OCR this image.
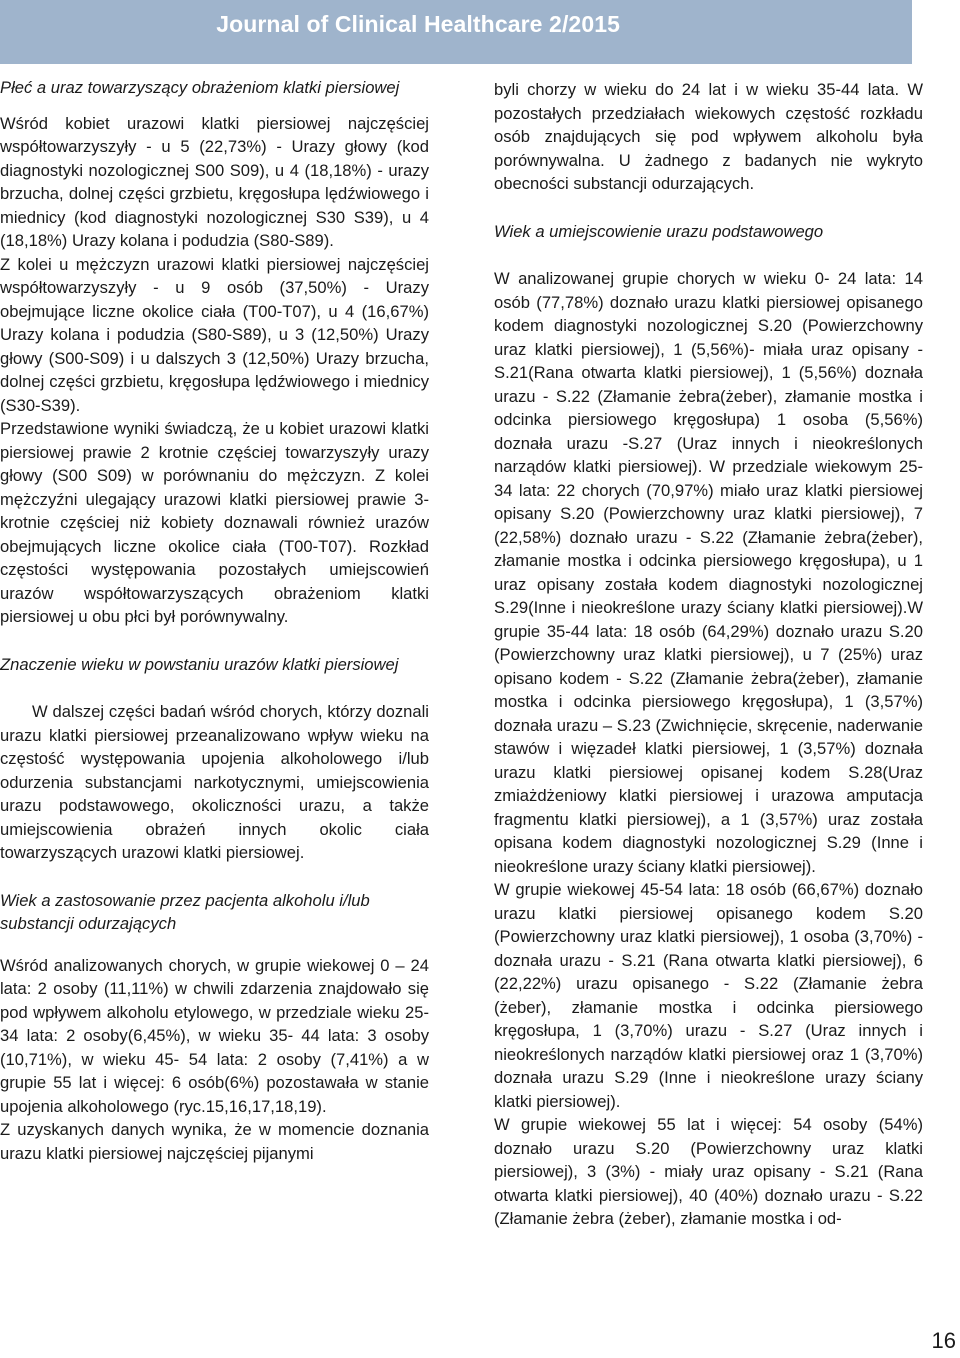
Journal of Clinical Healthcare 2/2015
Płeć a uraz towarzyszący obrażeniom klatki piersiowej

Wśród kobiet urazowi klatki piersiowej najczęściej współtowarzyszyły - u 5 (22,73%) - Urazy głowy (kod diagnostyki nozologicznej S00 S09), u 4 (18,18%) - urazy brzucha, dolnej części grzbietu, kręgosłupa lędźwiowego i miednicy (kod diagnostyki nozologicznej S30 S39), u 4 (18,18%) Urazy kolana i podudzia (S80-S89).

Z kolei u mężczyzn urazowi klatki piersiowej najczęściej współtowarzyszyły - u 9 osób (37,50%) - Urazy obejmujące liczne okolice ciała (T00-T07), u 4 (16,67%) Urazy kolana i podudzia (S80-S89), u 3 (12,50%) Urazy głowy (S00-S09) i u dalszych 3 (12,50%) Urazy brzucha, dolnej części grzbietu, kręgosłupa lędźwiowego i miednicy (S30-S39).

Przedstawione wyniki świadczą, że u kobiet urazowi klatki piersiowej prawie 2 krotnie częściej towarzyszyły urazy głowy (S00 S09) w porównaniu do mężczyzn. Z kolei mężczyźni ulegający urazowi klatki piersiowej prawie 3-krotnie częściej niż kobiety doznawali również urazów obejmujących liczne okolice ciała (T00-T07). Rozkład częstości występowania pozostałych umiejscowień urazów współtowarzyszących obrażeniom klatki piersiowej u obu płci był porównywalny.

Znaczenie wieku w powstaniu urazów klatki piersiowej

W dalszej części badań wśród chorych, którzy doznali urazu klatki piersiowej przeanalizowano wpływ wieku na częstość występowania upojenia alkoholowego i/lub odurzenia substancjami narkotycznymi, umiejscowienia urazu podstawowego, okoliczności urazu, a także umiejscowienia obrażeń innych okolic ciała towarzyszących urazowi klatki piersiowej.

Wiek a zastosowanie przez pacjenta alkoholu i/lub substancji odurzających

Wśród analizowanych chorych, w grupie wiekowej 0 – 24 lata: 2 osoby (11,11%) w chwili zdarzenia znajdowało się pod wpływem alkoholu etylowego, w przedziale wieku 25- 34 lata: 2 osoby(6,45%), w wieku 35- 44 lata: 3 osoby (10,71%), w wieku 45- 54 lata: 2 osoby (7,41%) a w grupie 55 lat i więcej: 6 osób(6%) pozostawała w stanie upojenia alkoholowego (ryc.15,16,17,18,19).

Z uzyskanych danych wynika, że w momencie doznania urazu klatki piersiowej najczęściej pijanymi

byli chorzy w wieku do 24 lat i w wieku 35-44 lata. W pozostałych przedziałach wiekowych częstość rozkładu osób znajdujących się pod wpływem alkoholu była porównywalna. U żadnego z badanych nie wykryto obecności substancji odurzających.

Wiek a umiejscowienie urazu podstawowego

W analizowanej grupie chorych w wieku 0- 24 lata: 14 osób (77,78%) doznało urazu klatki piersiowej opisanego kodem diagnostyki nozologicznej S.20 (Powierzchowny uraz klatki piersiowej), 1 (5,56%)- miała uraz opisany - S.21(Rana otwarta klatki piersiowej), 1 (5,56%) doznała urazu - S.22 (Złamanie żebra(żeber), złamanie mostka i odcinka piersiowego kręgosłupa) 1 osoba (5,56%) doznała urazu -S.27 (Uraz innych i nieokreślonych narządów klatki piersiowej). W przedziale wiekowym 25-34 lata: 22 chorych (70,97%) miało uraz klatki piersiowej opisany S.20 (Powierzchowny uraz klatki piersiowej), 7 (22,58%) doznało urazu - S.22 (Złamanie żebra(żeber), złamanie mostka i odcinka piersiowego kręgosłupa), u 1 uraz opisany została kodem diagnostyki nozologicznej S.29(Inne i nieokreślone urazy ściany klatki piersiowej).W grupie 35-44 lata: 18 osób (64,29%) doznało urazu S.20 (Powierzchowny uraz klatki piersiowej), u 7 (25%) uraz opisano kodem - S.22 (Złamanie żebra(żeber), złamanie mostka i odcinka piersiowego kręgosłupa), 1 (3,57%) doznała urazu – S.23 (Zwichnięcie, skręcenie, naderwanie stawów i więzadeł klatki piersiowej, 1 (3,57%) doznała urazu klatki piersiowej opisanej kodem S.28(Uraz zmiażdżeniowy klatki piersiowej i urazowa amputacja fragmentu klatki piersiowej), a 1 (3,57%) uraz została opisana kodem diagnostyki nozologicznej S.29 (Inne i nieokreślone urazy ściany klatki piersiowej).

W grupie wiekowej 45-54 lata: 18 osób (66,67%) doznało urazu klatki piersiowej opisanego kodem S.20 (Powierzchowny uraz klatki piersiowej), 1 osoba (3,70%) - doznała urazu - S.21 (Rana otwarta klatki piersiowej), 6 (22,22%) urazu opisanego - S.22 (Złamanie żebra (żeber), złamanie mostka i odcinka piersiowego kręgosłupa, 1 (3,70%) urazu - S.27 (Uraz innych i nieokreślonych narządów klatki piersiowej oraz 1 (3,70%) doznała urazu S.29 (Inne i nieokreślone urazy ściany klatki piersiowej).

W grupie wiekowej 55 lat i więcej: 54 osoby (54%) doznało urazu S.20 (Powierzchowny uraz klatki piersiowej), 3 (3%) - miały uraz opisany - S.21 (Rana otwarta klatki piersiowej), 40 (40%) doznało urazu - S.22 (Złamanie żebra (żeber), złamanie mostka i od-

16
